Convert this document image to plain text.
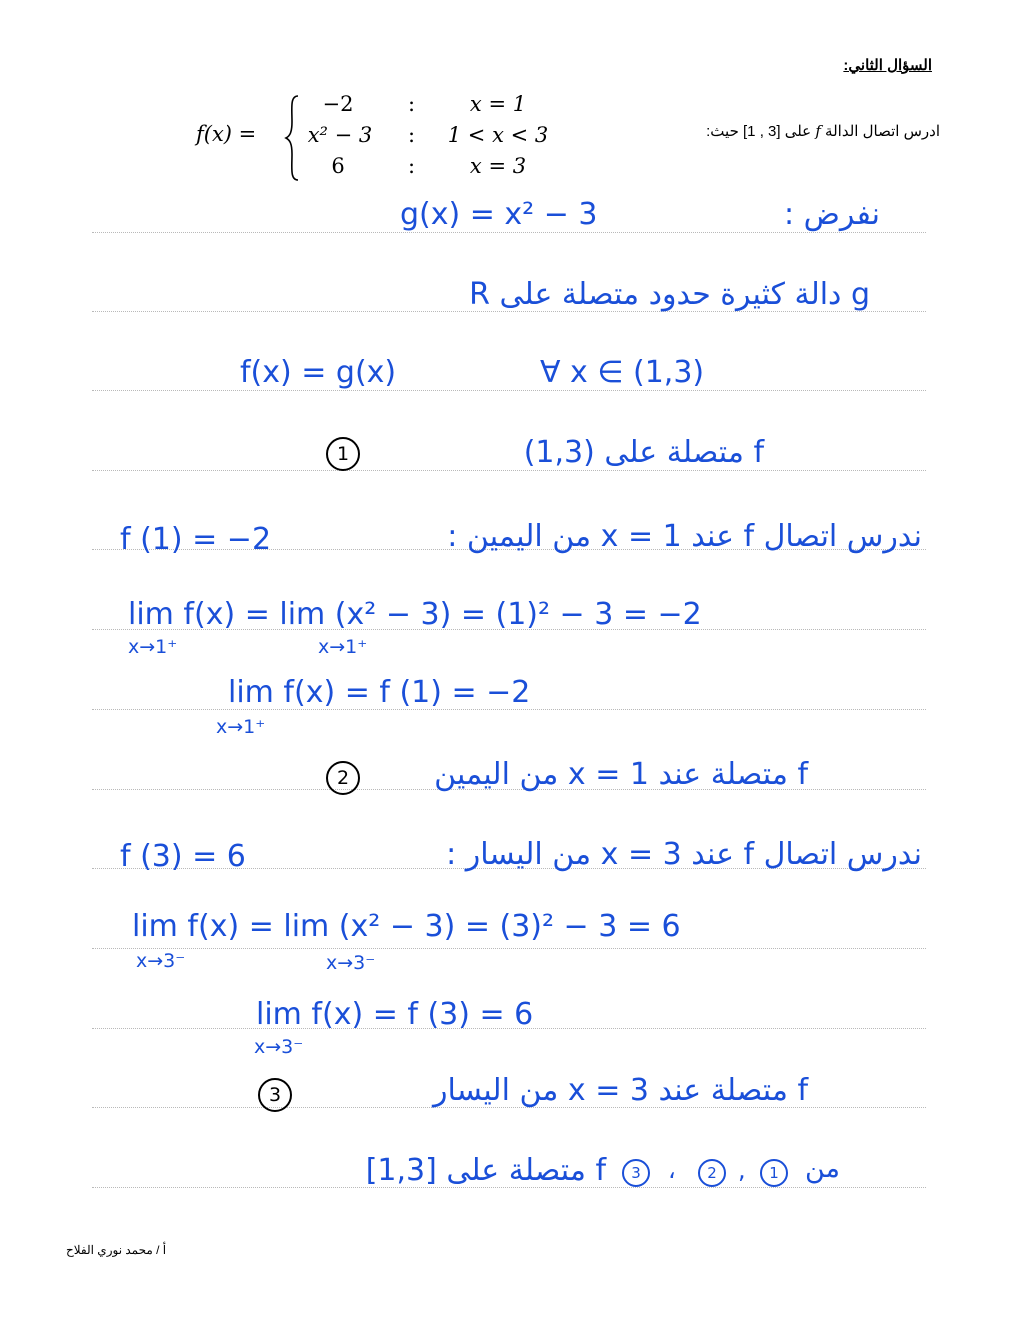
السؤال الثاني:
ادرس اتصال الدالة f على [1 , 3] حيث:
f(x) =
−2	:	x = 1
x² − 3	:	1 < x < 3
6	:	x = 3
g(x) = x² − 3	نفرض :
g دالة كثيرة حدود متصلة على R
f(x) = g(x)	∀ x ∈ (1,3)
1	f متصلة على (1,3)
f (1) = −2	ندرس اتصال f عند 1 = x من اليمين :
lim f(x) = lim (x² − 3) = (1)² − 3 = −2
x→1⁺	x→1⁺
lim f(x) = f (1) = −2
x→1⁺
2	f متصلة عند 1 = x من اليمين
f (3) = 6	ندرس اتصال f عند 3 = x من اليسار :
lim f(x) = lim (x² − 3) = (3)² − 3 = 6
x→3⁻	x→3⁻
lim f(x) = f (3) = 6
x→3⁻
3	f متصلة عند 3 = x من اليسار
من
1
,
2
،
3
f متصلة على [1,3]
أ / محمد نوري الفلاح
